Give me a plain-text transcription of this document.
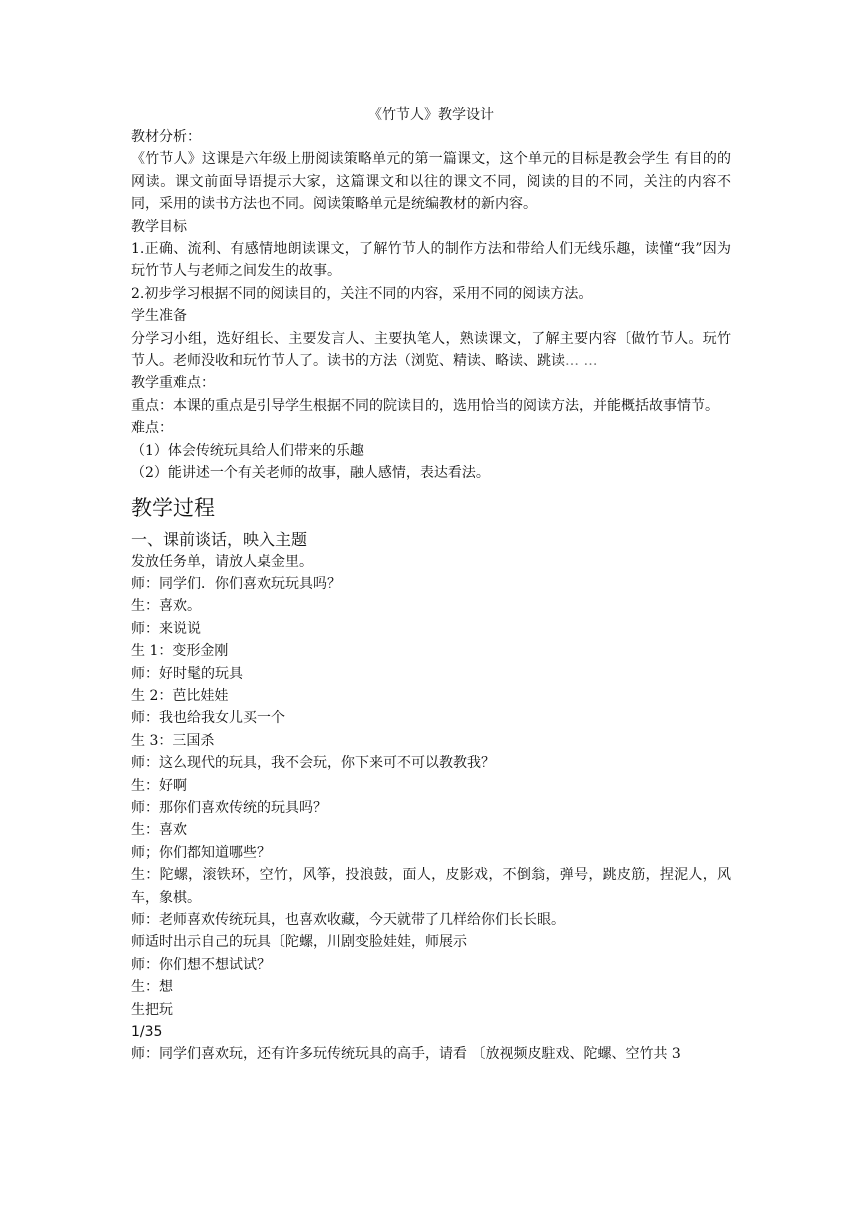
《竹节人》教学设计
教材分析：
《竹节人》这课是六年级上册阅读策略单元的第一篇课文，这个单元的目标是教会学生 有目的的网读。课文前面导语提示大家，这篇课文和以往的课文不同，阅读的目的不同，关注的内容不同，采用的读书方法也不同。阅读策略单元是统编教材的新内容。
教学目标
1.正确、流利、有感情地朗读课文，了解竹节人的制作方法和带给人们无线乐趣，读懂“我”因为玩竹节人与老师之间发生的故事。
2.初步学习根据不同的阅读目的，关注不同的内容，采用不同的阅读方法。
学生准备
分学习小组，选好组长、主要发言人、主要执笔人，熟读课文，了解主要内容〔做竹节人。玩竹节人。老师没收和玩竹节人了。读书的方法（浏览、精读、略读、跳读… …
教学重难点：
重点：本课的重点是引导学生根据不同的院读目的，选用恰当的阅读方法，并能概括故事情节。
难点：
（1）体会传统玩具给人们带来的乐趣
（2）能讲述一个有关老师的故事，融人感情，表达看法。
教学过程
一、课前谈话，映入主题
发放任务单，请放人桌金里。
师：同学们．你们喜欢玩玩具吗？
生：喜欢。
师：来说说
生 1：变形金刚
师：好时髦的玩具
生 2：芭比娃娃
师：我也给我女儿买一个
生 3：三国杀
师：这么现代的玩具，我不会玩，你下来可不可以教教我？
生：好啊
师：那你们喜欢传统的玩具吗？
生：喜欢
师；你们都知道哪些？
生：陀螺，滚铁环，空竹，风筝，投浪鼓，面人，皮影戏，不倒翁，弹号，跳皮筋，捏泥人，风车，象棋。
师：老师喜欢传统玩具，也喜欢收藏，今天就带了几样给你们长长眼。
师适时出示自己的玩具〔陀螺，川剧变脸娃娃，师展示
师：你们想不想试试？
生：想
生把玩
1/35
师：同学们喜欢玩，还有许多玩传统玩具的高手，请看 〔放视频皮駐戏、陀螺、空竹共 3
